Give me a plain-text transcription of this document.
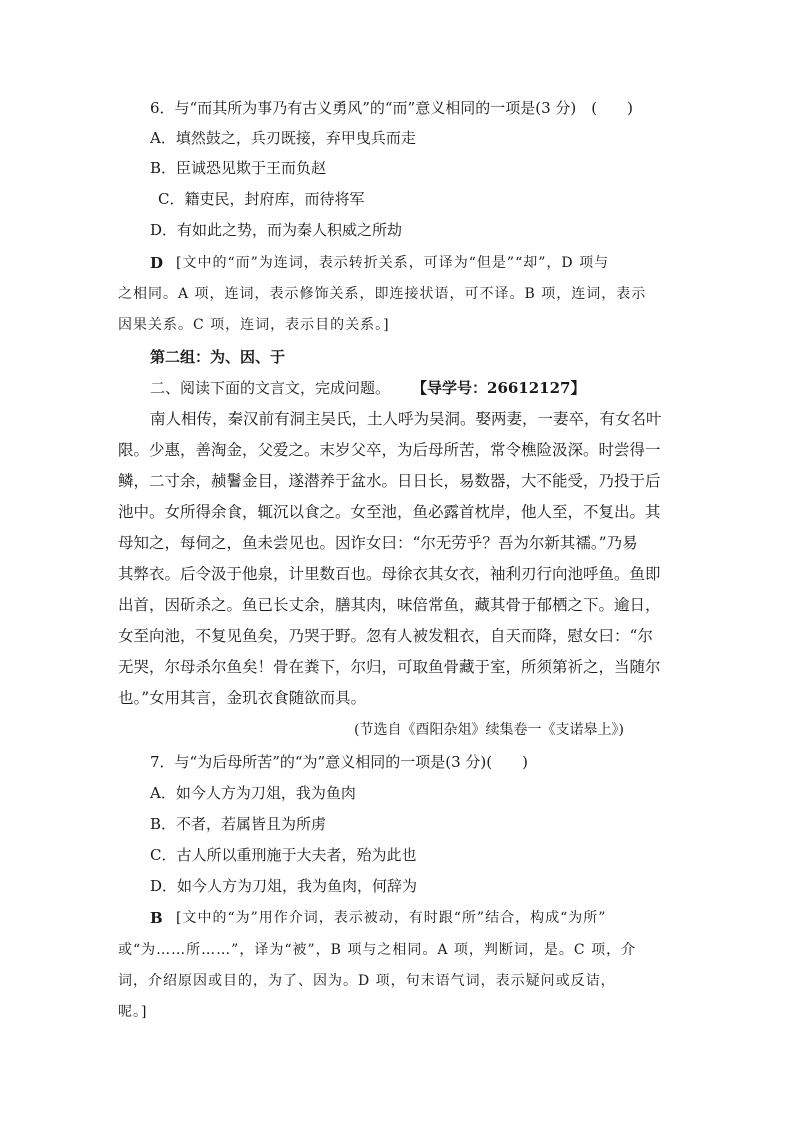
6．与“而其所为事乃有古义勇风”的“而”意义相同的一项是(3 分)　(　　)
A．填然鼓之，兵刃既接，弃甲曳兵而走
B．臣诚恐见欺于王而负赵
C．籍吏民，封府库，而待将军
D．有如此之势，而为秦人积威之所劫
D [文中的“而”为连词，表示转折关系，可译为“但是”“却”，D 项与
之相同。A 项，连词，表示修饰关系，即连接状语，可不译。B 项，连词，表示
因果关系。C 项，连词，表示目的关系。]
第二组：为、因、于
二、阅读下面的文言文，完成问题。 【导学号：26612127】
南人相传，秦汉前有洞主吴氏，土人呼为吴洞。娶两妻，一妻卒，有女名叶
限。少惠，善淘金，父爱之。末岁父卒，为后母所苦，常令樵险汲深。时尝得一
鳞，二寸余，赪鬐金目，遂潜养于盆水。日日长，易数器，大不能受，乃投于后
池中。女所得余食，辄沉以食之。女至池，鱼必露首枕岸，他人至，不复出。其
母知之，每伺之，鱼未尝见也。因诈女曰：“尔无劳乎？吾为尔新其襦。”乃易
其弊衣。后令汲于他泉，计里数百也。母徐衣其女衣，袖利刃行向池呼鱼。鱼即
出首，因斫杀之。鱼已长丈余，膳其肉，味倍常鱼，藏其骨于郁栖之下。逾日，
女至向池，不复见鱼矣，乃哭于野。忽有人被发粗衣，自天而降，慰女曰：“尔
无哭，尔母杀尔鱼矣！骨在粪下，尔归，可取鱼骨藏于室，所须第祈之，当随尔
也。”女用其言，金玑衣食随欲而具。
(节选自《酉阳杂俎》续集卷一《支诺皋上》)
7．与“为后母所苦”的“为”意义相同的一项是(3 分)(　　)
A．如今人方为刀俎，我为鱼肉
B．不者，若属皆且为所虏
C．古人所以重刑施于大夫者，殆为此也
D．如今人方为刀俎，我为鱼肉，何辞为
B [文中的“为”用作介词，表示被动，有时跟“所”结合，构成“为所”
或“为……所……”，译为“被”，B 项与之相同。A 项，判断词，是。C 项，介
词，介绍原因或目的，为了、因为。D 项，句末语气词，表示疑问或反诘，
呢。]
